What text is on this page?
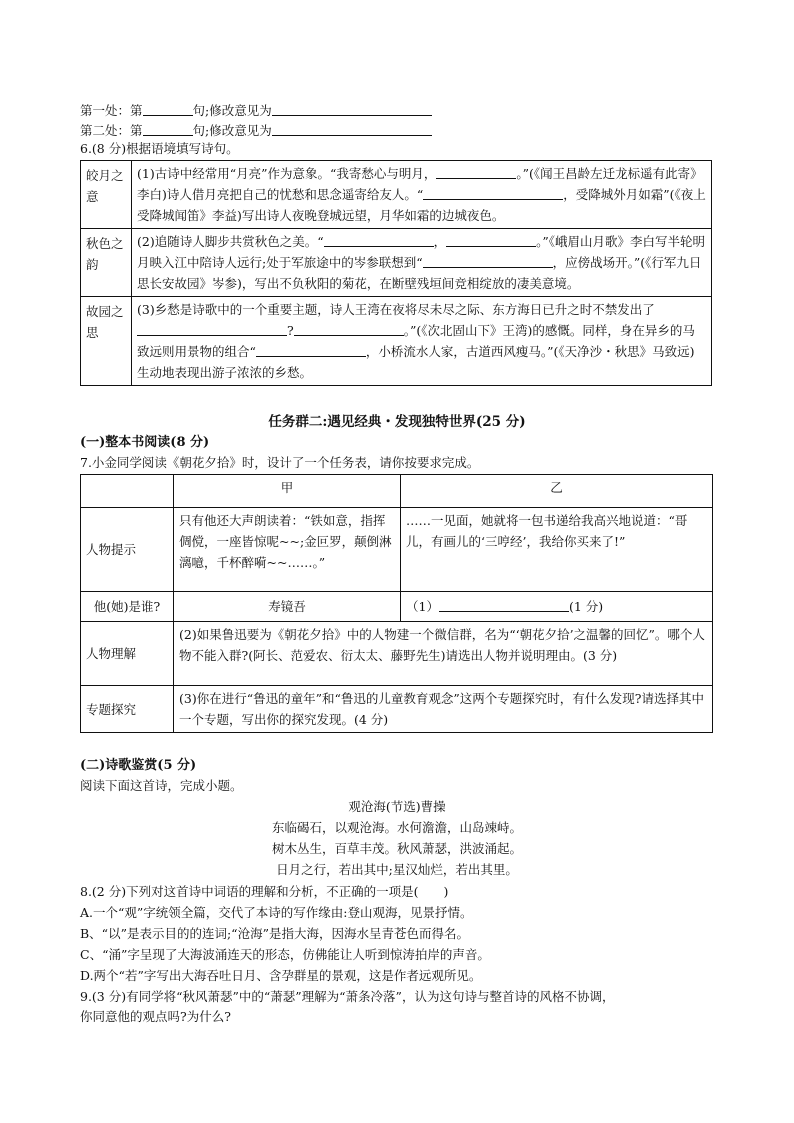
第一处：第	句;修改意见为
第二处：第	句;修改意见为
6.(8 分)根据语境填写诗句。
皎月之意	(1)古诗中经常用“月亮”作为意象。“我寄愁心与明月， 。”(《闻王昌龄左迁龙标遥有此寄》李白)诗人借月亮把自己的忧愁和思念遥寄给友人。“ ，受降城外月如霜”(《夜上受降城闻笛》李益)写出诗人夜晚登城远望，月华如霜的边城夜色。
秋色之韵	(2)追随诗人脚步共赏秋色之美。“ ， 。”《峨眉山月歌》李白写半轮明月映入江中陪诗人远行;处于军旅途中的岑参联想到“ ，应傍战场开。”(《行军九日思长安故园》岑参)，写出不负秋阳的菊花，在断壁残垣间竞相绽放的凄美意境。
故园之思	(3)乡愁是诗歌中的一个重要主题，诗人王湾在夜将尽未尽之际、东方海日已升之时不禁发出了? 。”(《次北固山下》王湾)的感慨。同样，身在异乡的马致远则用景物的组合“ ，小桥流水人家，古道西风瘦马。”(《天净沙・秋思》马致远)生动地表现出游子浓浓的乡愁。
任务群二:遇见经典・发现独特世界(25 分)
(一)整本书阅读(8 分)
7.小金同学阅读《朝花夕拾》时，设计了一个任务表，请你按要求完成。
	甲	乙
人物提示	只有他还大声朗读着：“铁如意，指挥倜傥，一座皆惊呢~~;金叵罗，颠倒淋漓噫，千杯醉嗬~~……。”	……一见面，她就将一包书递给我高兴地说道：“哥儿，有画儿的‘三哼经’，我给你买来了!”
他(她)是谁?	寿镜吾	（1） (1 分)
人物理解	(2)如果鲁迅要为《朝花夕拾》中的人物建一个微信群，名为“‘朝花夕拾’之温馨的回忆”。哪个人物不能入群?(阿长、范爱农、衍太太、藤野先生)请选出人物并说明理由。(3 分)	
专题探究	(3)你在进行“鲁迅的童年”和“鲁迅的儿童教育观念”这两个专题探究时，有什么发现?请选择其中一个专题，写出你的探究发现。(4 分)	
(二)诗歌鉴赏(5 分)
阅读下面这首诗，完成小题。
观沧海(节选)曹操
东临碣石，以观沧海。水何澹澹，山岛竦峙。
树木丛生，百草丰茂。秋风萧瑟，洪波涌起。
日月之行，若出其中;星汉灿烂，若出其里。
8.(2 分)下列对这首诗中词语的理解和分析，不正确的一项是(　　)
A.一个“观”字统领全篇，交代了本诗的写作缘由:登山观海，见景抒情。
B、“以”是表示目的的连词;“沧海”是指大海，因海水呈青苍色而得名。
C、“涌”字呈现了大海波涌连天的形态，仿佛能让人听到惊涛拍岸的声音。
D.两个“若”字写出大海吞吐日月、含孕群星的景观，这是作者远观所见。
9.(3 分)有同学将“秋风萧瑟”中的“萧瑟”理解为“萧条冷落”，认为这句诗与整首诗的风格不协调，
你同意他的观点吗?为什么?
